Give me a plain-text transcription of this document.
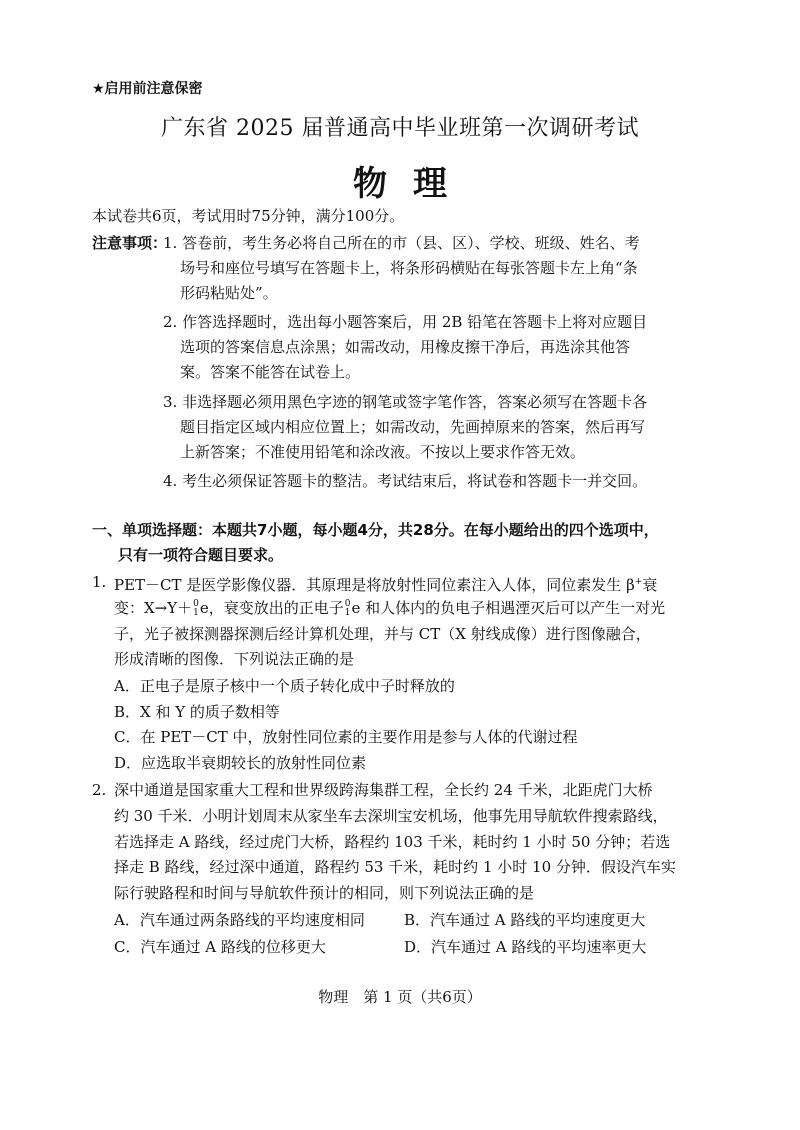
★启用前注意保密
广东省 2025 届普通高中毕业班第一次调研考试
物理
本试卷共6页，考试用时75分钟，满分100分。
注意事项：
1. 答卷前，考生务必将自己所在的市（县、区）、学校、班级、姓名、考
场号和座位号填写在答题卡上，将条形码横贴在每张答题卡左上角“条
形码粘贴处”。
2. 作答选择题时，选出每小题答案后，用 2B 铅笔在答题卡上将对应题目
选项的答案信息点涂黑；如需改动，用橡皮擦干净后，再选涂其他答
案。答案不能答在试卷上。
3. 非选择题必须用黑色字迹的钢笔或签字笔作答，答案必须写在答题卡各
题目指定区域内相应位置上；如需改动，先画掉原来的答案，然后再写
上新答案；不准使用铅笔和涂改液。不按以上要求作答无效。
4. 考生必须保证答题卡的整洁。考试结束后，将试卷和答题卡一并交回。
一、单项选择题：本题共7小题，每小题4分，共28分。在每小题给出的四个选项中，
只有一项符合题目要求。
1. PET－CT 是医学影像仪器．其原理是将放射性同位素注入人体，同位素发生 β+衰
变：X→Y＋ 0
1 e，衰变放出的正电子 0
1 e 和人体内的负电子相遇湮灭后可以产生一对光
子，光子被探测器探测后经计算机处理，并与 CT（X 射线成像）进行图像融合，
形成清晰的图像．下列说法正确的是
A．正电子是原子核中一个质子转化成中子时释放的
B．X 和 Y 的质子数相等
C．在 PET－CT 中，放射性同位素的主要作用是参与人体的代谢过程
D．应选取半衰期较长的放射性同位素
2. 深中通道是国家重大工程和世界级跨海集群工程，全长约 24 千米，北距虎门大桥
约 30 千米．小明计划周末从家坐车去深圳宝安机场，他事先用导航软件搜索路线，
若选择走 A 路线，经过虎门大桥，路程约 103 千米，耗时约 1 小时 50 分钟；若选
择走 B 路线，经过深中通道，路程约 53 千米，耗时约 1 小时 10 分钟．假设汽车实
际行驶路程和时间与导航软件预计的相同，则下列说法正确的是
A．汽车通过两条路线的平均速度相同	B．汽车通过 A 路线的平均速度更大
C．汽车通过 A 路线的位移更大	D．汽车通过 A 路线的平均速率更大
物理　第 1 页（共6页）
